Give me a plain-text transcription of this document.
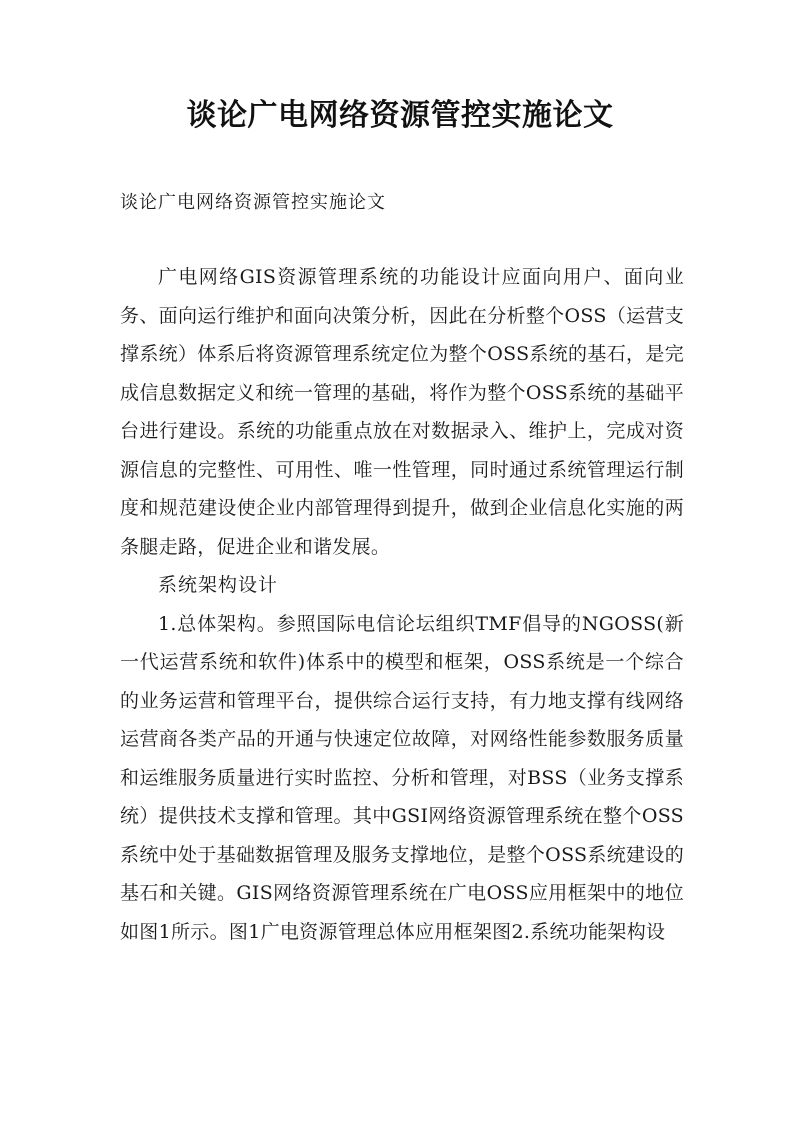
谈论广电网络资源管控实施论文

谈论广电网络资源管控实施论文

广电网络GIS资源管理系统的功能设计应面向用户、面向业务、面向运行维护和面向决策分析，因此在分析整个OSS（运营支撑系统）体系后将资源管理系统定位为整个OSS系统的基石，是完成信息数据定义和统一管理的基础，将作为整个OSS系统的基础平台进行建设。系统的功能重点放在对数据录入、维护上，完成对资源信息的完整性、可用性、唯一性管理，同时通过系统管理运行制度和规范建设使企业内部管理得到提升，做到企业信息化实施的两条腿走路，促进企业和谐发展。

系统架构设计

1.总体架构。参照国际电信论坛组织TMF倡导的NGOSS(新一代运营系统和软件)体系中的模型和框架，OSS系统是一个综合的业务运营和管理平台，提供综合运行支持，有力地支撑有线网络运营商各类产品的开通与快速定位故障，对网络性能参数服务质量和运维服务质量进行实时监控、分析和管理，对BSS（业务支撑系统）提供技术支撑和管理。其中GSI网络资源管理系统在整个OSS系统中处于基础数据管理及服务支撑地位，是整个OSS系统建设的基石和关键。GIS网络资源管理系统在广电OSS应用框架中的地位如图1所示。图1广电资源管理总体应用框架图2.系统功能架构设
